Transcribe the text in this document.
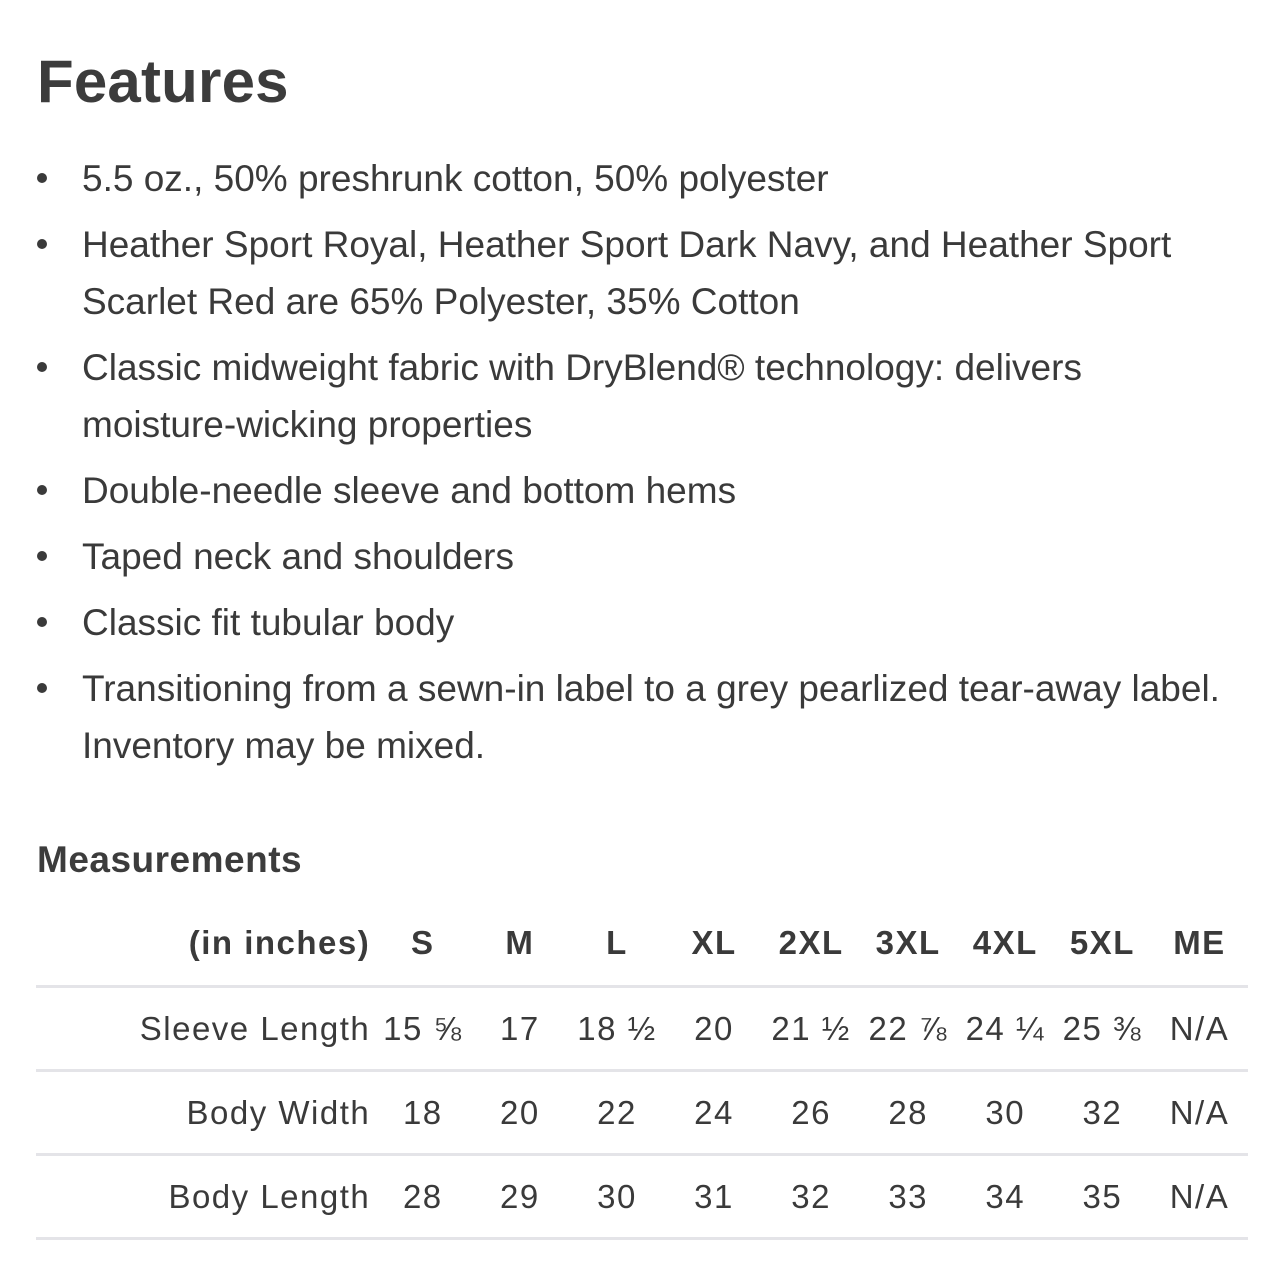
Features
5.5 oz., 50% preshrunk cotton, 50% polyester
Heather Sport Royal, Heather Sport Dark Navy, and Heather Sport Scarlet Red are 65% Polyester, 35% Cotton
Classic midweight fabric with DryBlend® technology: delivers moisture-wicking properties
Double-needle sleeve and bottom hems
Taped neck and shoulders
Classic fit tubular body
Transitioning from a sewn-in label to a grey pearlized tear-away label. Inventory may be mixed.
Measurements
(in inches)	S	M	L	XL	2XL	3XL	4XL	5XL	ME
Sleeve Length	15 ⅝	17	18 ½	20	21 ½	22 ⅞	24 ¼	25 ⅜	N/A
Body Width	18	20	22	24	26	28	30	32	N/A
Body Length	28	29	30	31	32	33	34	35	N/A
